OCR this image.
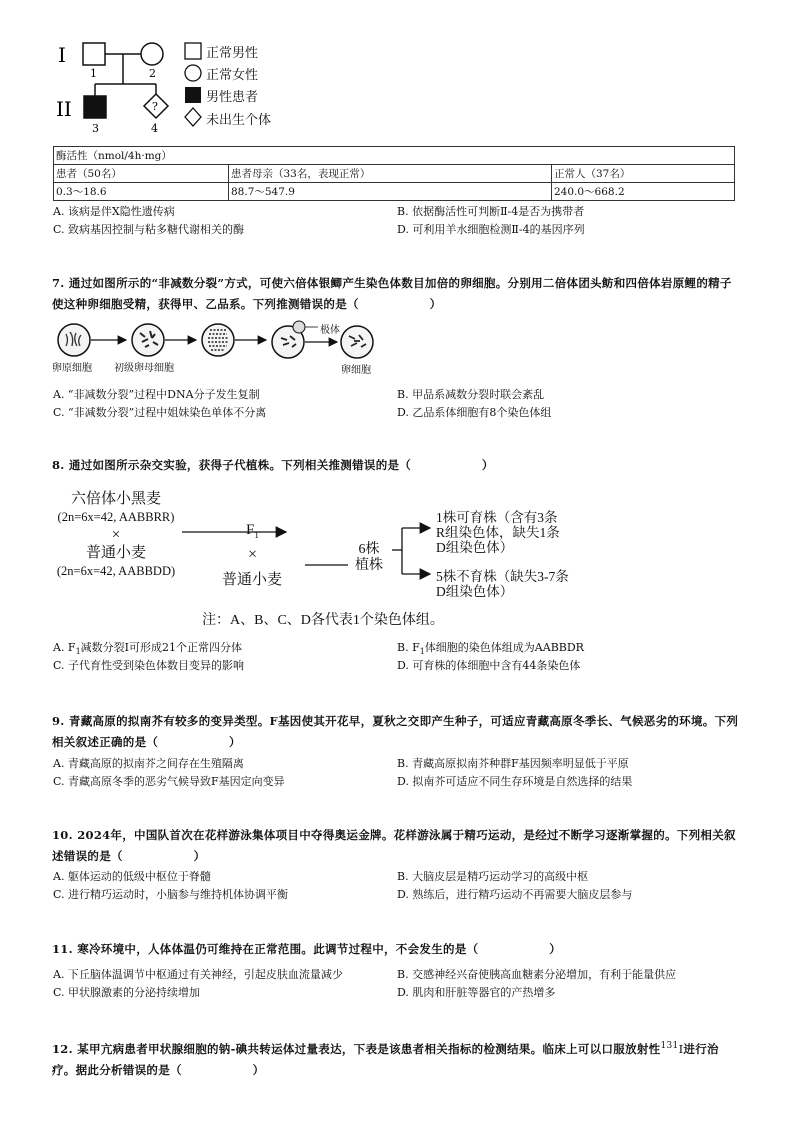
I
1	2
II	?
3	4
正常男性
正常女性
男性患者
未出生个体
酶活性（nmol/4h·mg）		
患者（50名）	患者母亲（33名，表现正常）	正常人（37名）
0.3～18.6	88.7～547.9	240.0～668.2
A. 该病是伴X隐性遗传病	B. 依据酶活性可判断Ⅱ-4是否为携带者
C. 致病基因控制与粘多糖代谢相关的酶	D. 可利用羊水细胞检测Ⅱ-4的基因序列
7. 通过如图所示的“非减数分裂”方式，可使六倍体银鲫产生染色体数目加倍的卵细胞。分别用二倍体团头鲂和四倍体岩原鲤的精子使这种卵细胞受精，获得甲、乙品系。下列推测错误的是（　　　　　　）
卵原细胞 初级卵母细胞
极体
卵细胞
A. “非减数分裂”过程中DNA分子发生复制	B. 甲品系减数分裂时联会紊乱
C. “非减数分裂”过程中姐妹染色单体不分离	D. 乙品系体细胞有8个染色体组
8. 通过如图所示杂交实验，获得子代植株。下列相关推测错误的是（　　　　　　）
六倍体小黑麦
(2n=6x=42, AABBRR)
×
普通小麦
(2n=6x=42, AABBDD)
$F_1$
×
普通小麦
6株
植株
1株可育株（含有3条
R组染色体，缺失1条
D组染色体）
5株不育株（缺失3-7条
D组染色体）
注：A、B、C、D各代表1个染色体组。
A. $F_1$减数分裂Ⅰ可形成21个正常四分体	B. $F_1$体细胞的染色体组成为AABBDR
C. 子代育性受到染色体数目变异的影响	D. 可育株的体细胞中含有44条染色体
9. 青藏高原的拟南芥有较多的变异类型。F基因使其开花早，夏秋之交即产生种子，可适应青藏高原冬季长、气候恶劣的环境。下列相关叙述正确的是（　　　　　　）
A. 青藏高原的拟南芥之间存在生殖隔离	B. 青藏高原拟南芥种群F基因频率明显低于平原
C. 青藏高原冬季的恶劣气候导致F基因定向变异	D. 拟南芥可适应不同生存环境是自然选择的结果
10. 2024年，中国队首次在花样游泳集体项目中夺得奥运金牌。花样游泳属于精巧运动，是经过不断学习逐渐掌握的。下列相关叙述错误的是（　　　　　　）
A. 躯体运动的低级中枢位于脊髓	B. 大脑皮层是精巧运动学习的高级中枢
C. 进行精巧运动时，小脑参与维持机体协调平衡	D. 熟练后，进行精巧运动不再需要大脑皮层参与
11. 寒冷环境中，人体体温仍可维持在正常范围。此调节过程中，不会发生的是（　　　　　　）
A. 下丘脑体温调节中枢通过有关神经，引起皮肤血流量减少	B. 交感神经兴奋使胰高血糖素分泌增加，有利于能量供应
C. 甲状腺激素的分泌持续增加	D. 肌肉和肝脏等器官的产热增多
12. 某甲亢病患者甲状腺细胞的钠-碘共转运体过量表达，下表是该患者相关指标的检测结果。临床上可以口服放射性$^{131}$I进行治疗。据此分析错误的是（　　　　　　）
